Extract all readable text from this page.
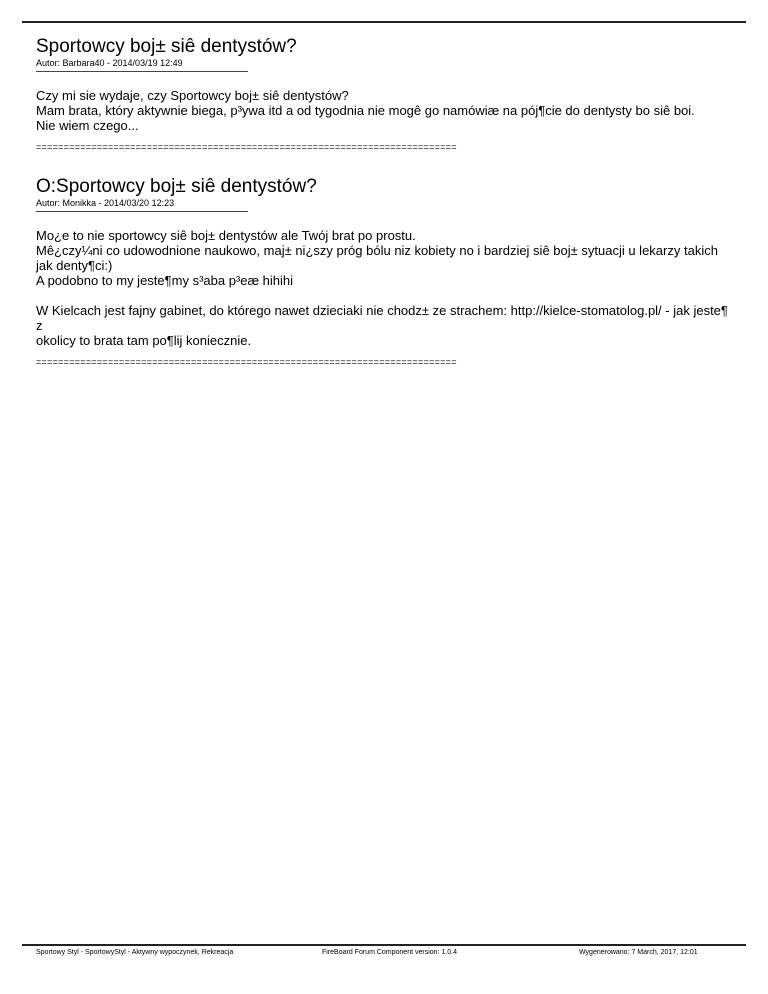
Sportowcy boj± siê dentystów?

Autor: Barbara40 - 2014/03/19 12:49

Czy mi sie wydaje, czy Sportowcy boj± siê dentystów?

Mam brata, który aktywnie biega, p³ywa itd a od tygodnia nie mogê go namówiæ na pój¶cie do dentysty bo siê boi.

Nie wiem czego...

============================================================================
O:Sportowcy boj± siê dentystów?

Autor: Monikka - 2014/03/20 12:23

Mo¿e to nie sportowcy siê boj± dentystów ale Twój brat po prostu.

Mê¿czy¼ni co udowodnione naukowo, maj± ni¿szy próg bólu niz kobiety no i bardziej siê boj± sytuacji u lekarzy takich

jak denty¶ci:)

A podobno to my jeste¶my s³aba p³eæ hihihi

W Kielcach jest fajny gabinet, do którego nawet dzieciaki nie chodz± ze strachem: http://kielce-stomatolog.pl/ - jak jeste¶ z

okolicy to brata tam po¶lij koniecznie.

============================================================================
Sportowy Styl - SportowyStyl - Aktywny wypoczynek, Rekreacja	FireBoard Forum Component version: 1.0.4	Wygenerowano: 7 March, 2017, 12:01
